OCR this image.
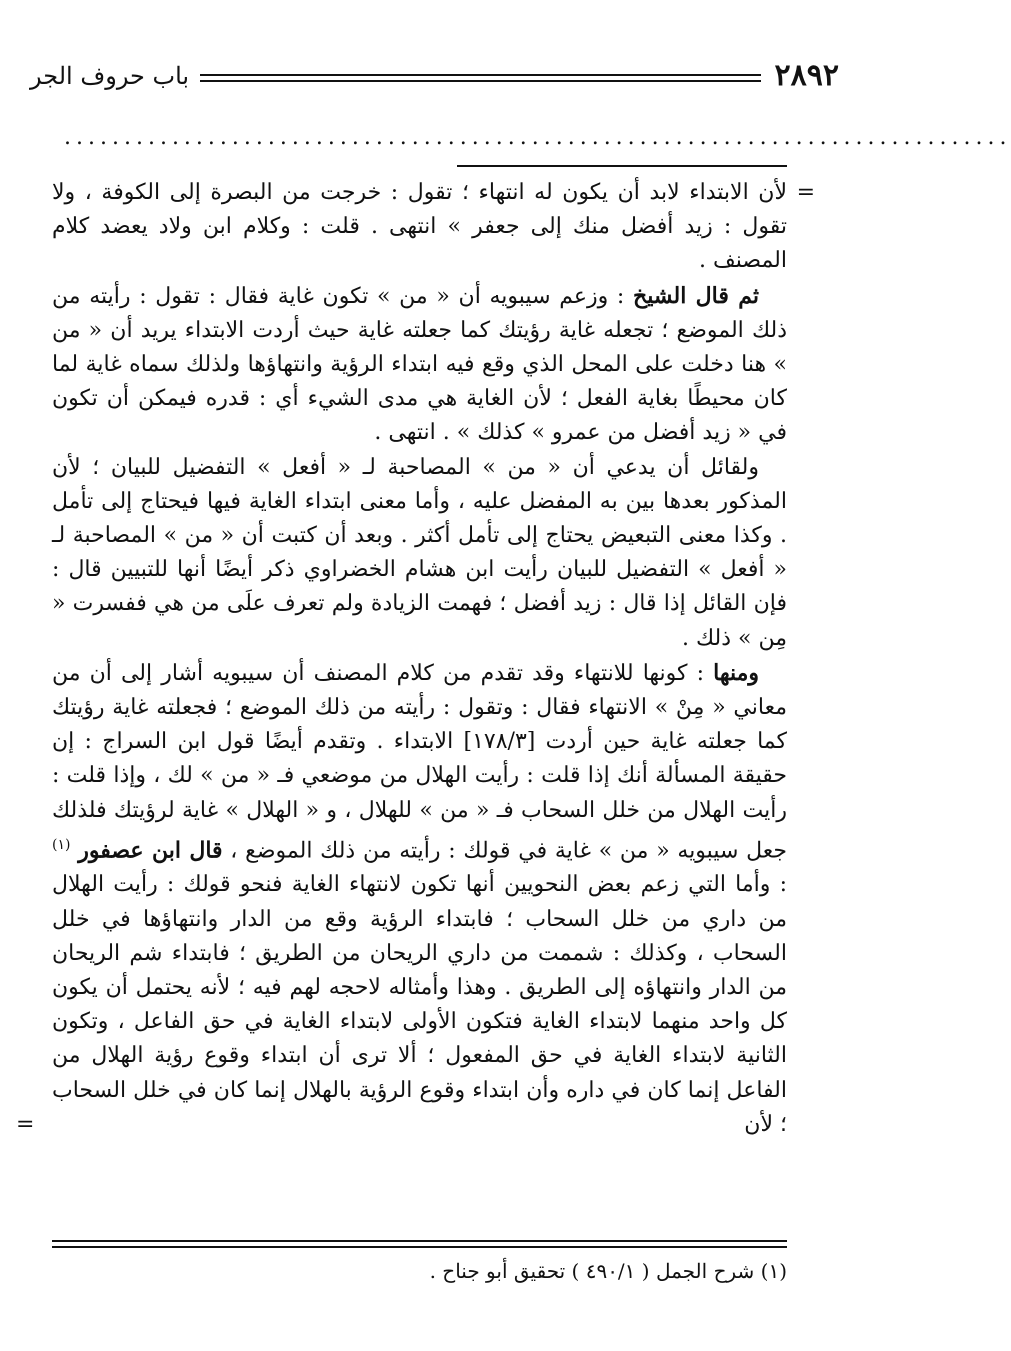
٢٨٩٢
باب حروف الجر
...............................................................................

=
لأن الابتداء لابد أن يكون له انتهاء ؛ تقول : خرجت من البصرة إلى الكوفة ، ولا تقول : زيد أفضل منك إلى جعفر » انتهى . قلت : وكلام ابن ولاد يعضد كلام المصنف .

ثم قال الشيخ : وزعم سيبويه أن « من » تكون غاية فقال : تقول : رأيته من ذلك الموضع ؛ تجعله غاية رؤيتك كما جعلته غاية حيث أردت الابتداء يريد أن « من » هنا دخلت على المحل الذي وقع فيه ابتداء الرؤية وانتهاؤها ولذلك سماه غاية لما كان محيطًا بغاية الفعل ؛ لأن الغاية هي مدى الشيء أي : قدره فيمكن أن تكون في « زيد أفضل من عمرو » كذلك » . انتهى .

ولقائل أن يدعي أن « من » المصاحبة لـ « أفعل » التفضيل للبيان ؛ لأن المذكور بعدها بين به المفضل عليه ، وأما معنى ابتداء الغاية فيها فيحتاج إلى تأمل . وكذا معنى التبعيض يحتاج إلى تأمل أكثر . وبعد أن كتبت أن « من » المصاحبة لـ « أفعل » التفضيل للبيان رأيت ابن هشام الخضراوي ذكر أيضًا أنها للتبيين قال : فإن القائل إذا قال : زيد أفضل ؛ فهمت الزيادة ولم تعرف علَى من هي ففسرت « مِن » ذلك .

ومنها : كونها للانتهاء وقد تقدم من كلام المصنف أن سيبويه أشار إلى أن من معاني « مِنْ » الانتهاء فقال : وتقول : رأيته من ذلك الموضع ؛ فجعلته غاية رؤيتك كما جعلته غاية حين أردت [١٧٨/٣] الابتداء . وتقدم أيضًا قول ابن السراج : إن حقيقة المسألة أنك إذا قلت : رأيت الهلال من موضعي فـ « من » لك ، وإذا قلت : رأيت الهلال من خلل السحاب فـ « من » للهلال ، و « الهلال » غاية لرؤيتك فلذلك جعل سيبويه « من » غاية في قولك : رأيته من ذلك الموضع ، قال ابن عصفور $^{(١)}$ : وأما التي زعم بعض النحويين أنها تكون لانتهاء الغاية فنحو قولك : رأيت الهلال من داري من خلل السحاب ؛ فابتداء الرؤية وقع من الدار وانتهاؤها في خلل السحاب ، وكذلك : شممت من داري الريحان من الطريق ؛ فابتداء شم الريحان من الدار وانتهاؤه إلى الطريق . وهذا وأمثاله لاحجه لهم فيه ؛ لأنه يحتمل أن يكون كل واحد منهما لابتداء الغاية فتكون الأولى لابتداء الغاية في حق الفاعل ، وتكون الثانية لابتداء الغاية في حق المفعول ؛ ألا ترى أن ابتداء وقوع رؤية الهلال من الفاعل إنما كان في داره وأن ابتداء وقوع الرؤية بالهلال إنما كان في خلل السحاب ؛ لأن
=

(١) شرح الجمل ( ٤٩٠/١ ) تحقيق أبو جناح .
